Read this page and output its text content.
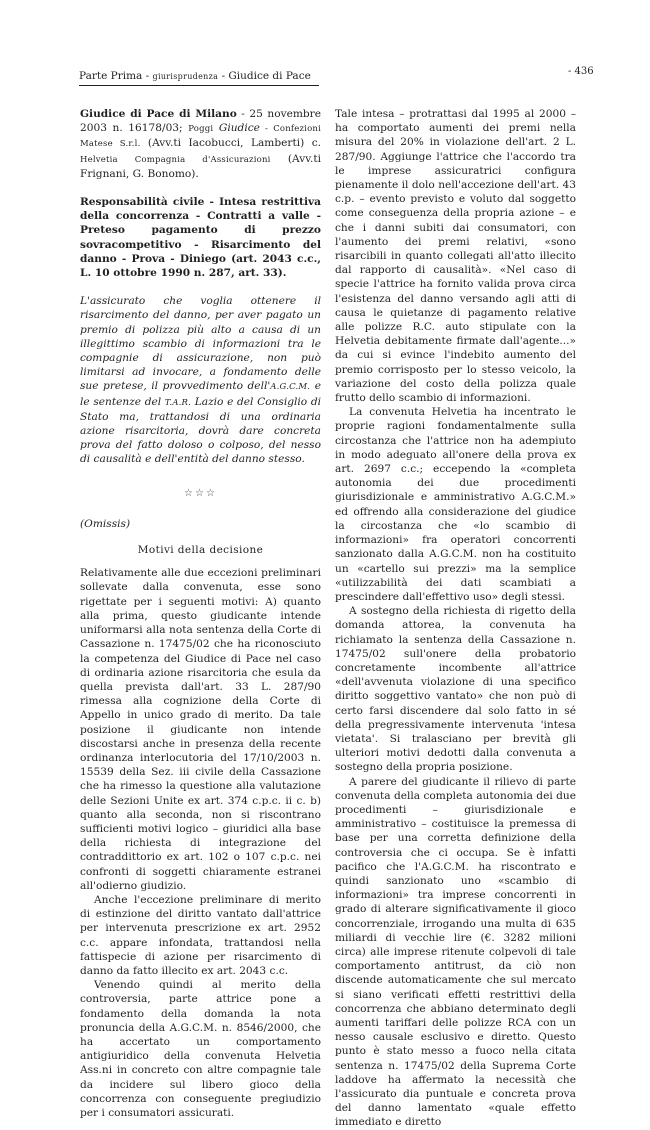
Parte Prima - giurisprudenza - Giudice di Pace	- 436

Giudice di Pace di Milano - 25 novembre 2003 n. 16178/03; Poggi Giudice - Confezioni Matese S.r.l. (Avv.ti Iacobucci, Lamberti) c. Helvetia Compagnia d'Assicurazioni (Avv.ti Frignani, G. Bonomo).

Responsabilità civile - Intesa restrittiva della concorrenza - Contratti a valle - Preteso pagamento di prezzo sovracompetitivo - Risarcimento del danno - Prova - Diniego (art. 2043 c.c., L. 10 ottobre 1990 n. 287, art. 33).

L'assicurato che voglia ottenere il risarcimento del danno, per aver pagato un premio di polizza più alto a causa di un illegittimo scambio di informazioni tra le compagnie di assicurazione, non può limitarsi ad invocare, a fondamento delle sue pretese, il provvedimento dell'A.G.C.M. e le sentenze del T.A.R. Lazio e del Consiglio di Stato ma, trattandosi di una ordinaria azione risarcitoria, dovrà dare concreta prova del fatto doloso o colposo, del nesso di causalità e dell'entità del danno stesso.

☆☆☆

(Omissis)

Motivi della decisione

Relativamente alle due eccezioni preliminari sollevate dalla convenuta, esse sono rigettate per i seguenti motivi: A) quanto alla prima, questo giudicante intende uniformarsi alla nota sentenza della Corte di Cassazione n. 17475/02 che ha riconosciuto la competenza del Giudice di Pace nel caso di ordinaria azione risarcitoria che esula da quella prevista dall'art. 33 L. 287/90 rimessa alla cognizione della Corte di Appello in unico grado di merito. Da tale posizione il giudicante non intende discostarsi anche in presenza della recente ordinanza interlocutoria del 17/10/2003 n. 15539 della Sez. iii civile della Cassazione che ha rimesso la questione alla valutazione delle Sezioni Unite ex art. 374 c.p.c. ii c. b) quanto alla seconda, non si riscontrano sufficienti motivi logico – giuridici alla base della richiesta di integrazione del contraddittorio ex art. 102 o 107 c.p.c. nei confronti di soggetti chiaramente estranei all'odierno giudizio.

Anche l'eccezione preliminare di merito di estinzione del diritto vantato dall'attrice per intervenuta prescrizione ex art. 2952 c.c. appare infondata, trattandosi nella fattispecie di azione per risarcimento di danno da fatto illecito ex art. 2043 c.c.

Venendo quindi al merito della controversia, parte attrice pone a fondamento della domanda la nota pronuncia della A.G.C.M. n. 8546/2000, che ha accertato un comportamento antigiuridico della convenuta Helvetia Ass.ni in concreto con altre compagnie tale da incidere sul libero gioco della concorrenza con conseguente pregiudizio per i consumatori assicurati.

Tale intesa – protrattasi dal 1995 al 2000 – ha comportato aumenti dei premi nella misura del 20% in violazione dell'art. 2 L. 287/90. Aggiunge l'attrice che l'accordo tra le imprese assicuratrici configura pienamente il dolo nell'accezione dell'art. 43 c.p. – evento previsto e voluto dal soggetto come conseguenza della propria azione – e che i danni subiti dai consumatori, con l'aumento dei premi relativi, «sono risarcibili in quanto collegati all'atto illecito dal rapporto di causalità». «Nel caso di specie l'attrice ha fornito valida prova circa l'esistenza del danno versando agli atti di causa le quietanze di pagamento relative alle polizze R.C. auto stipulate con la Helvetia debitamente firmate dall'agente...» da cui si evince l'indebito aumento del premio corrisposto per lo stesso veicolo, la variazione del costo della polizza quale frutto dello scambio di informazioni.

La convenuta Helvetia ha incentrato le proprie ragioni fondamentalmente sulla circostanza che l'attrice non ha adempiuto in modo adeguato all'onere della prova ex art. 2697 c.c.; eccependo la «completa autonomia dei due procedimenti giurisdizionale e amministrativo A.G.C.M.» ed offrendo alla considerazione del giudice la circostanza che «lo scambio di informazioni» fra operatori concorrenti sanzionato dalla A.G.C.M. non ha costituito un «cartello sui prezzi» ma la semplice «utilizzabilità dei dati scambiati a prescindere dall'effettivo uso» degli stessi.

A sostegno della richiesta di rigetto della domanda attorea, la convenuta ha richiamato la sentenza della Cassazione n. 17475/02 sull'onere della probatorio concretamente incombente all'attrice «dell'avvenuta violazione di una specifico diritto soggettivo vantato» che non può di certo farsi discendere dal solo fatto in sé della pregressivamente intervenuta 'intesa vietata'. Si tralasciano per brevità gli ulteriori motivi dedotti dalla convenuta a sostegno della propria posizione.

A parere del giudicante il rilievo di parte convenuta della completa autonomia dei due procedimenti – giurisdizionale e amministrativo – costituisce la premessa di base per una corretta definizione della controversia che ci occupa. Se è infatti pacifico che l'A.G.C.M. ha riscontrato e quindi sanzionato uno «scambio di informazioni» tra imprese concorrenti in grado di alterare significativamente il gioco concorrenziale, irrogando una multa di 635 miliardi di vecchie lire (€. 3282 milioni circa) alle imprese ritenute colpevoli di tale comportamento antitrust, da ciò non discende automaticamente che sul mercato si siano verificati effetti restrittivi della concorrenza che abbiano determinato degli aumenti tariffari delle polizze RCA con un nesso causale esclusivo e diretto. Questo punto è stato messo a fuoco nella citata sentenza n. 17475/02 della Suprema Corte laddove ha affermato la necessità che l'assicurato dia puntuale e concreta prova del danno lamentato «quale effetto immediato e diretto
